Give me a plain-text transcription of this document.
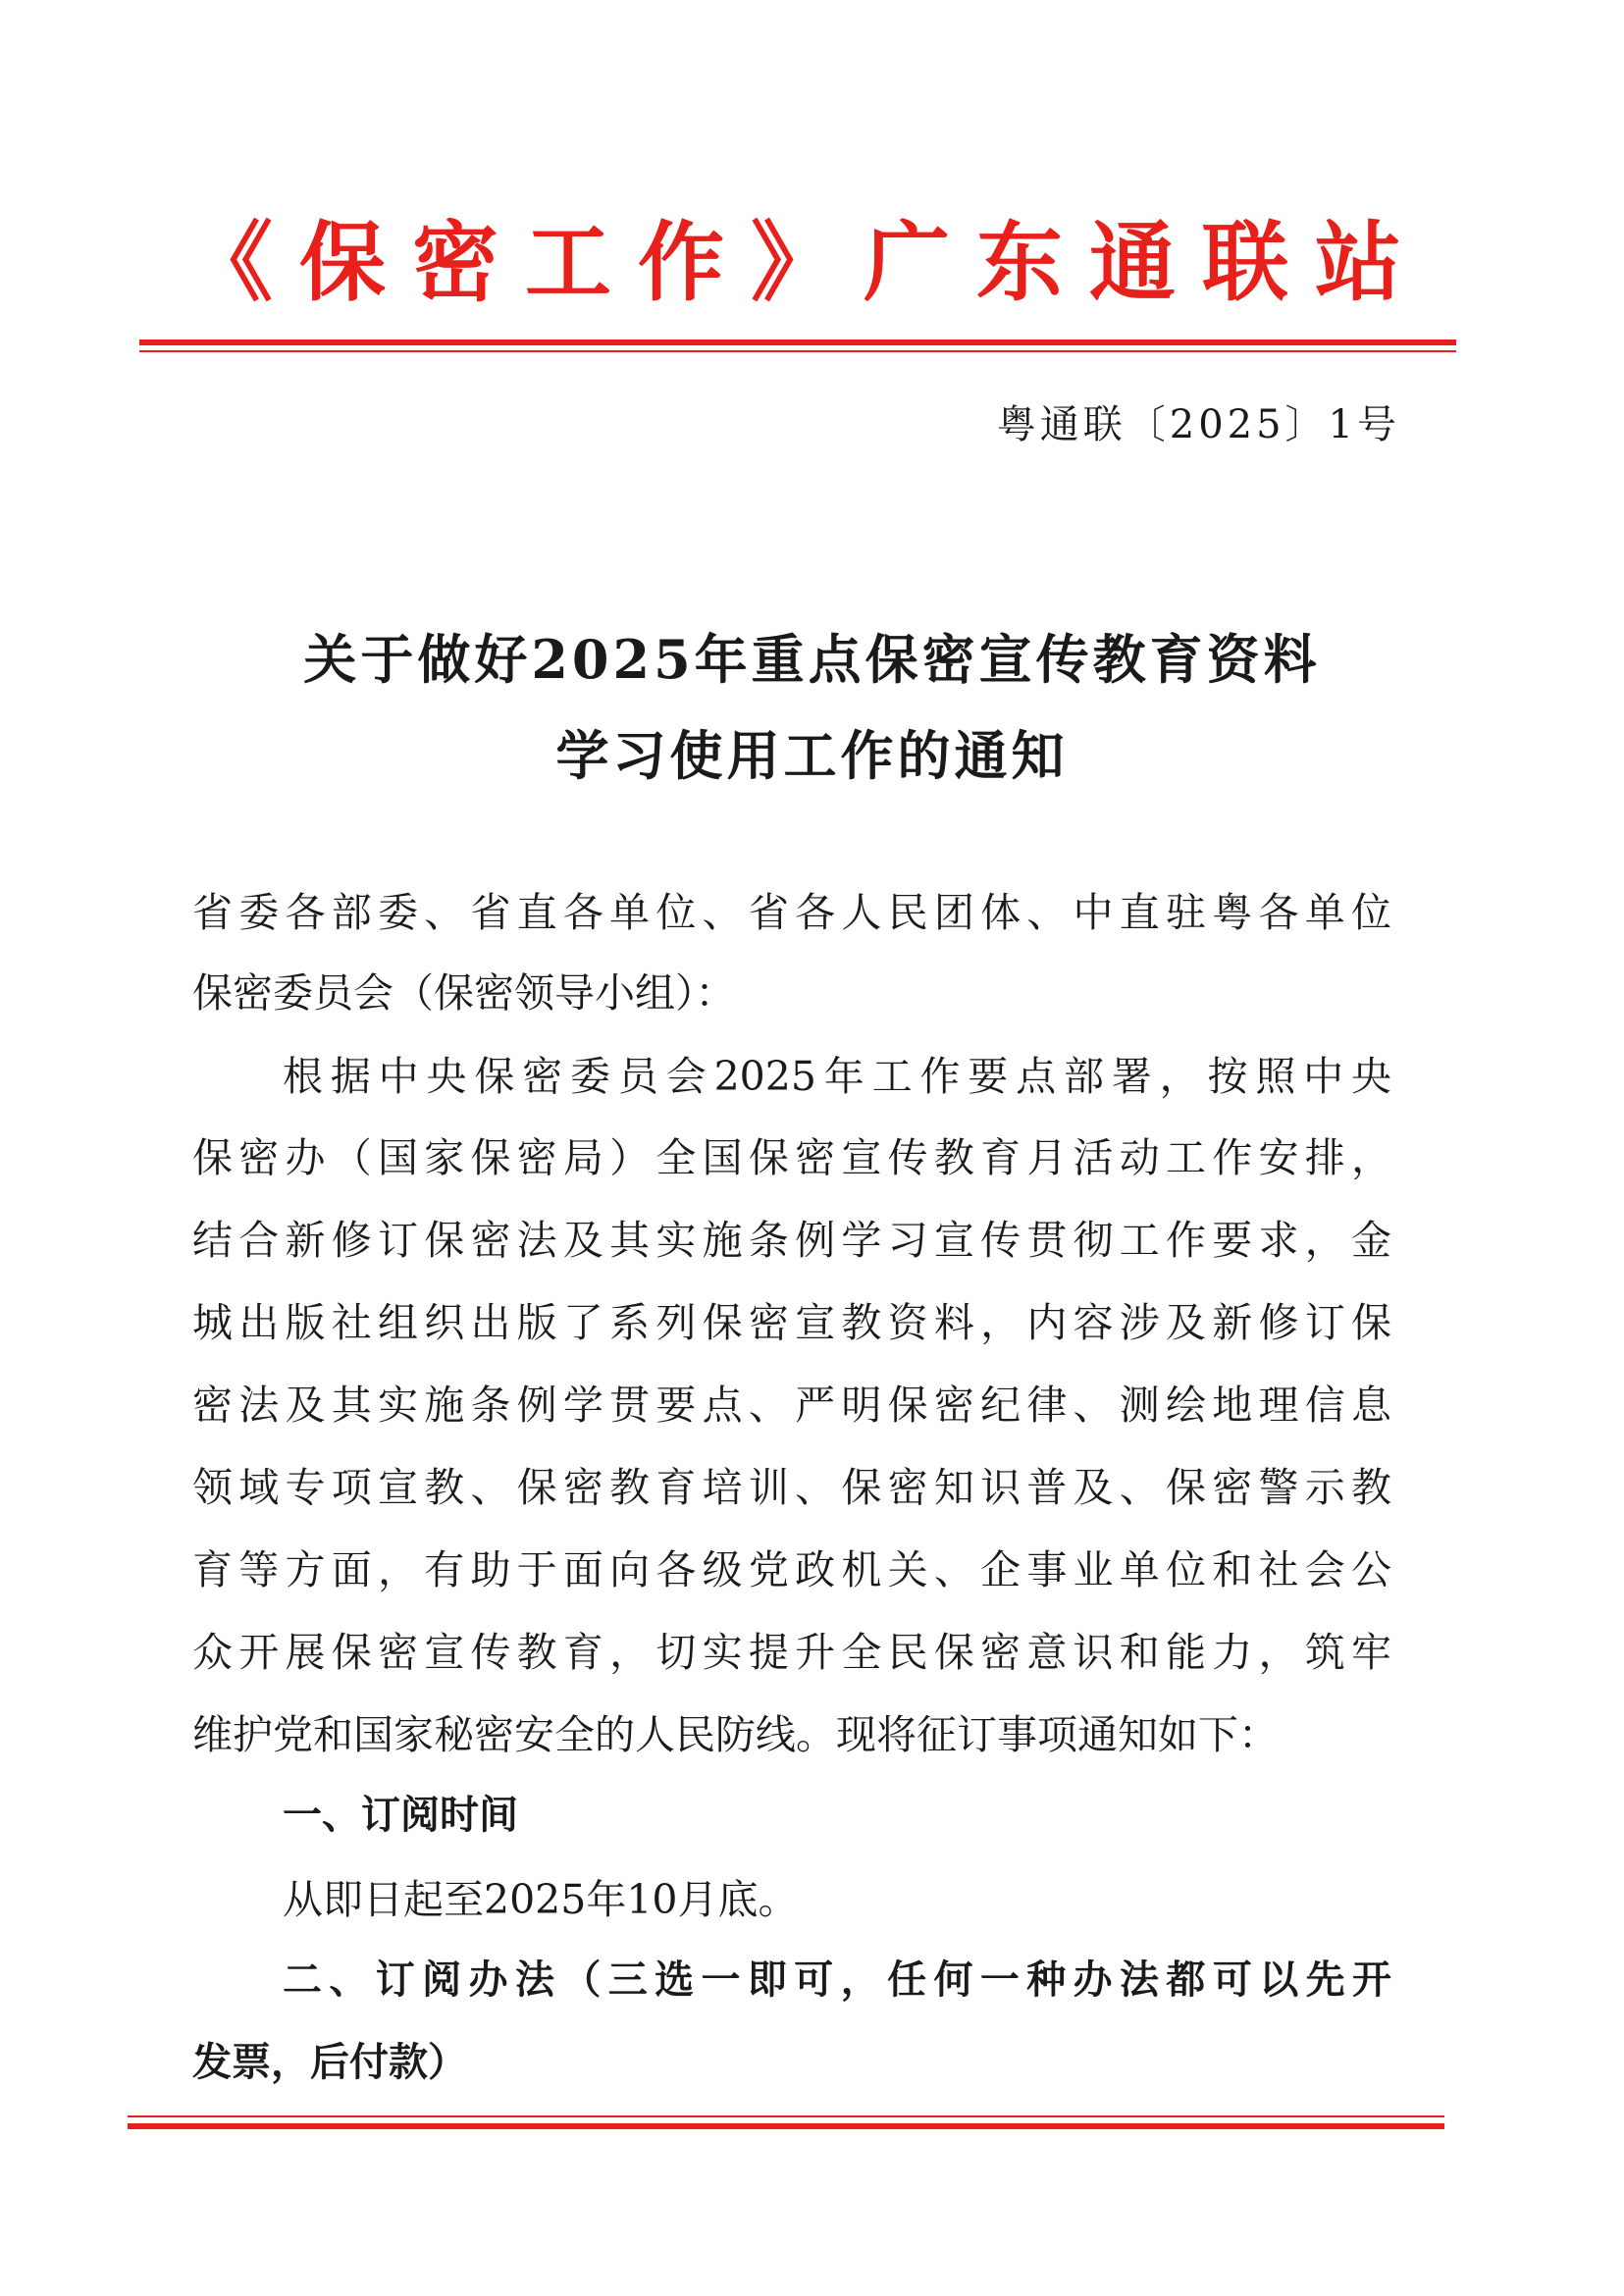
《保密工作》广东通联站
粤通联〔2025〕1号
关于做好2025年重点保密宣传教育资料
学习使用工作的通知
省委各部委、省直各单位、省各人民团体、中直驻粤各单位
保密委员会（保密领导小组）：
根据中央保密委员会2025年工作要点部署，按照中央
保密办（国家保密局）全国保密宣传教育月活动工作安排，
结合新修订保密法及其实施条例学习宣传贯彻工作要求，金
城出版社组织出版了系列保密宣教资料，内容涉及新修订保
密法及其实施条例学贯要点、严明保密纪律、测绘地理信息
领域专项宣教、保密教育培训、保密知识普及、保密警示教
育等方面，有助于面向各级党政机关、企事业单位和社会公
众开展保密宣传教育，切实提升全民保密意识和能力，筑牢
维护党和国家秘密安全的人民防线。现将征订事项通知如下：
一、订阅时间
从即日起至2025年10月底。
二、订阅办法（三选一即可，任何一种办法都可以先开
发票，后付款）
